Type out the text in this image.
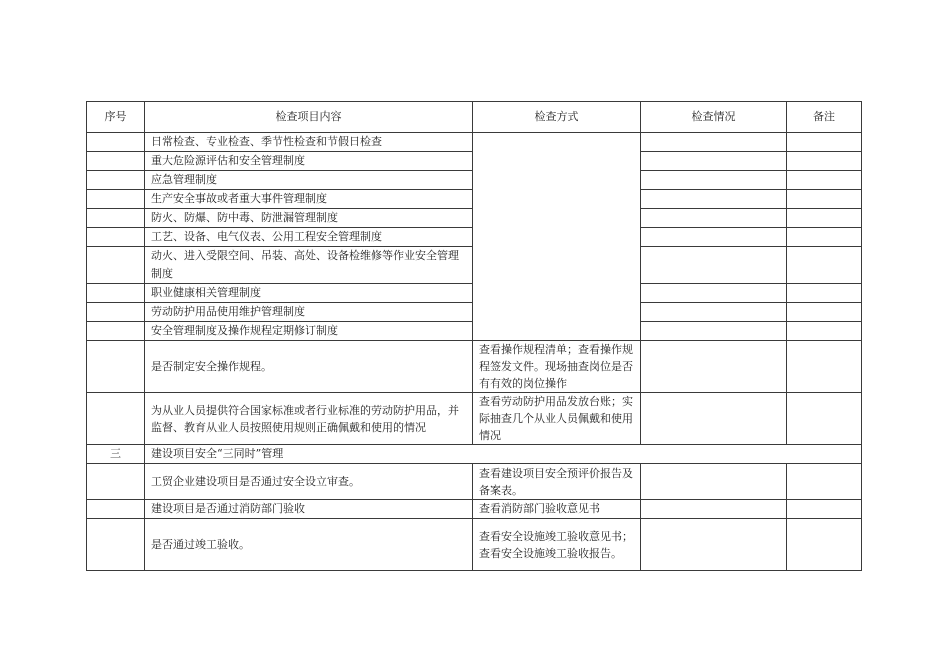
序号	检查项目内容	检查方式	检查情况	备注
	日常检查、专业检查、季节性检查和节假日检查			
	重大危险源评估和安全管理制度			
	应急管理制度			
	生产安全事故或者重大事件管理制度			
	防火、防爆、防中毒、防泄漏管理制度			
	工艺、设备、电气仪表、公用工程安全管理制度			
	动火、进入受限空间、吊装、高处、设备检维修等作业安全管理制度			
	职业健康相关管理制度			
	劳动防护用品使用维护管理制度			
	安全管理制度及操作规程定期修订制度			
	是否制定安全操作规程。	查看操作规程清单；查看操作规程签发文件。现场抽查岗位是否有有效的岗位操作		
	为从业人员提供符合国家标准或者行业标准的劳动防护用品，并监督、教育从业人员按照使用规则正确佩戴和使用的情况	查看劳动防护用品发放台账；实际抽查几个从业人员佩戴和使用情况		
三	建设项目安全“三同时”管理			
	工贸企业建设项目是否通过安全设立审查。	查看建设项目安全预评价报告及备案表。		
	建设项目是否通过消防部门验收	查看消防部门验收意见书		
	是否通过竣工验收。	查看安全设施竣工验收意见书；查看安全设施竣工验收报告。		
